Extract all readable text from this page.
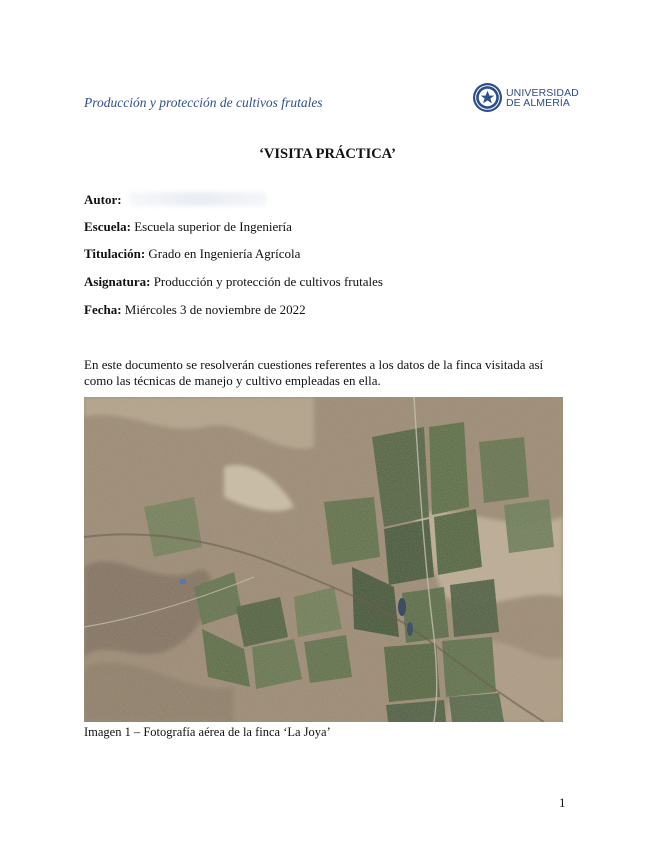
Producción y protección de cultivos frutales
UNIVERSIDAD
DE ALMERÍA
‘VISITA PRÁCTICA’
Autor:
Escuela: Escuela superior de Ingeniería
Titulación: Grado en Ingeniería Agrícola
Asignatura: Producción y protección de cultivos frutales
Fecha: Miércoles 3 de noviembre de 2022
En este documento se resolverán cuestiones referentes a los datos de la finca visitada así como las técnicas de manejo y cultivo empleadas en ella.
Imagen 1 – Fotografía aérea de la finca ‘La Joya’
1
